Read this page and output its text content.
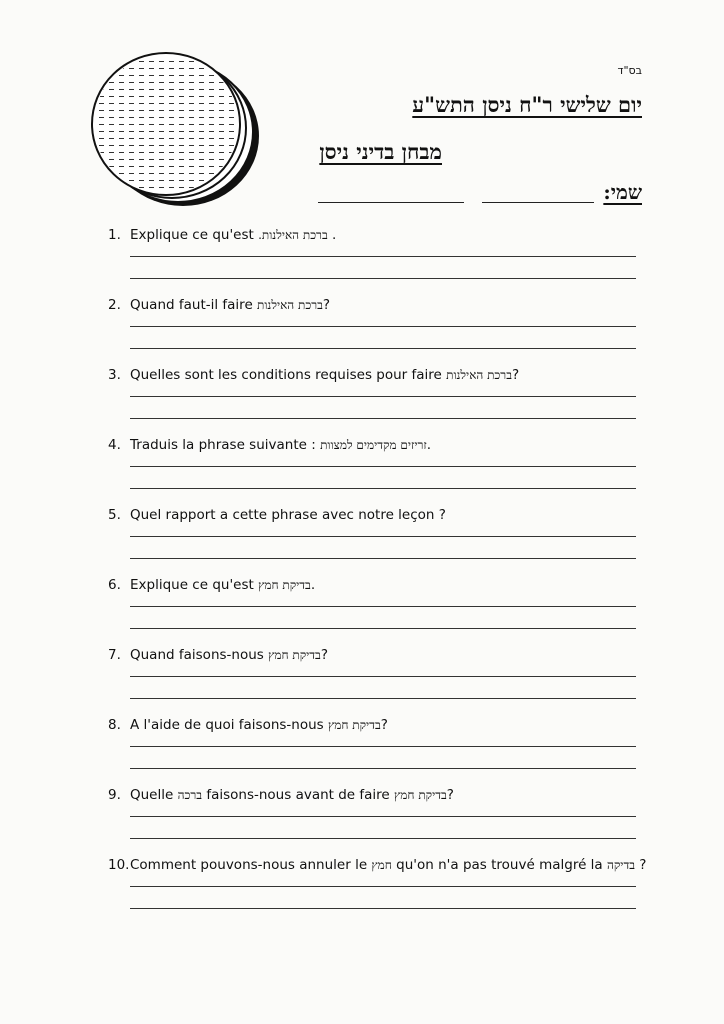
בס"ד
יום שלישי ר"ח ניסן התש"ע
מבחן בדיני ניסן
שמי:
1. Explique ce qu'est ברכת האילנות. .
2. Quand faut-il faire ברכת האילנות?
3. Quelles sont les conditions requises pour faire ברכת האילנות?
4. Traduis la phrase suivante : זריזים מקדימים למצוות.
5. Quel rapport a cette phrase avec notre leçon ?
6. Explique ce qu'est בדיקת חמץ.
7. Quand faisons-nous בדיקת חמץ?
8. A l'aide de quoi faisons-nous בדיקת חמץ?
9. Quelle ברכה faisons-nous avant de faire בדיקת חמץ?
10.Comment pouvons-nous annuler le חמץ qu'on n'a pas trouvé malgré la בדיקה ?
